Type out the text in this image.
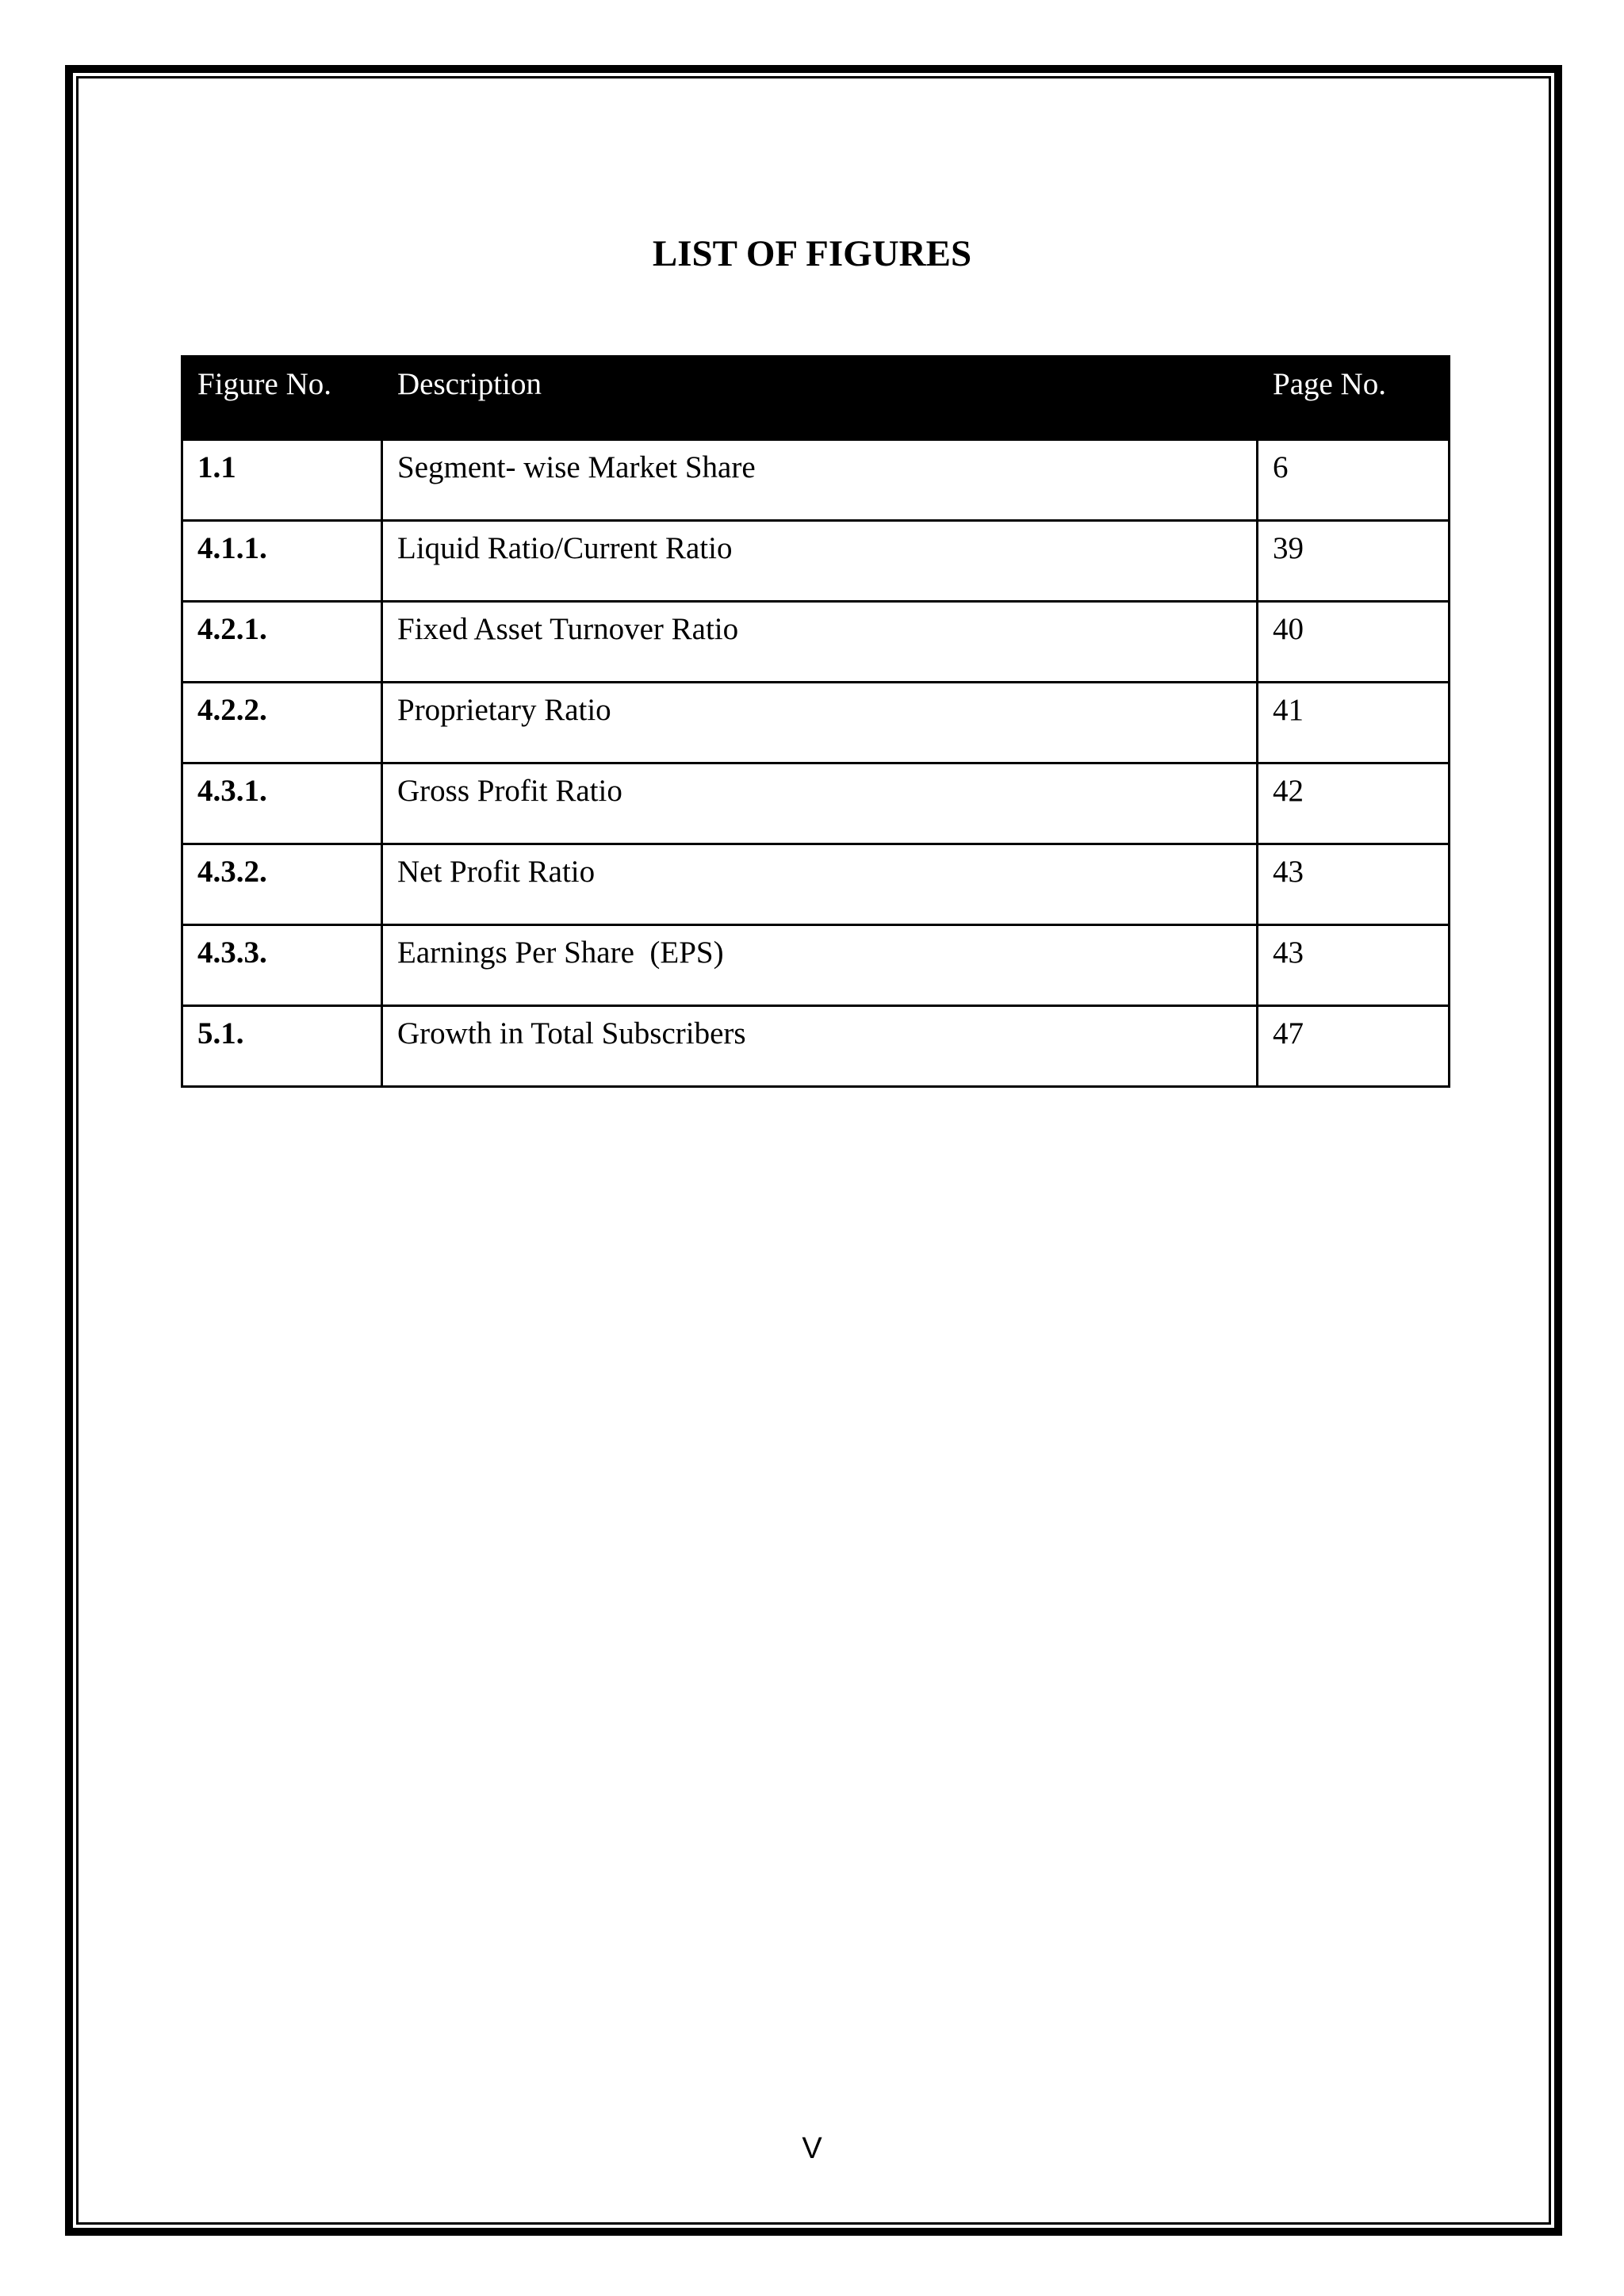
LIST OF FIGURES
Figure No.	Description	Page No.
1.1	Segment- wise Market Share	6
4.1.1.	Liquid Ratio/Current Ratio	39
4.2.1.	Fixed Asset Turnover Ratio	40
4.2.2.	Proprietary Ratio	41
4.3.1.	Gross Profit Ratio	42
4.3.2.	Net Profit Ratio	43
4.3.3.	Earnings Per Share  (EPS)	43
5.1.	Growth in Total Subscribers	47
V
